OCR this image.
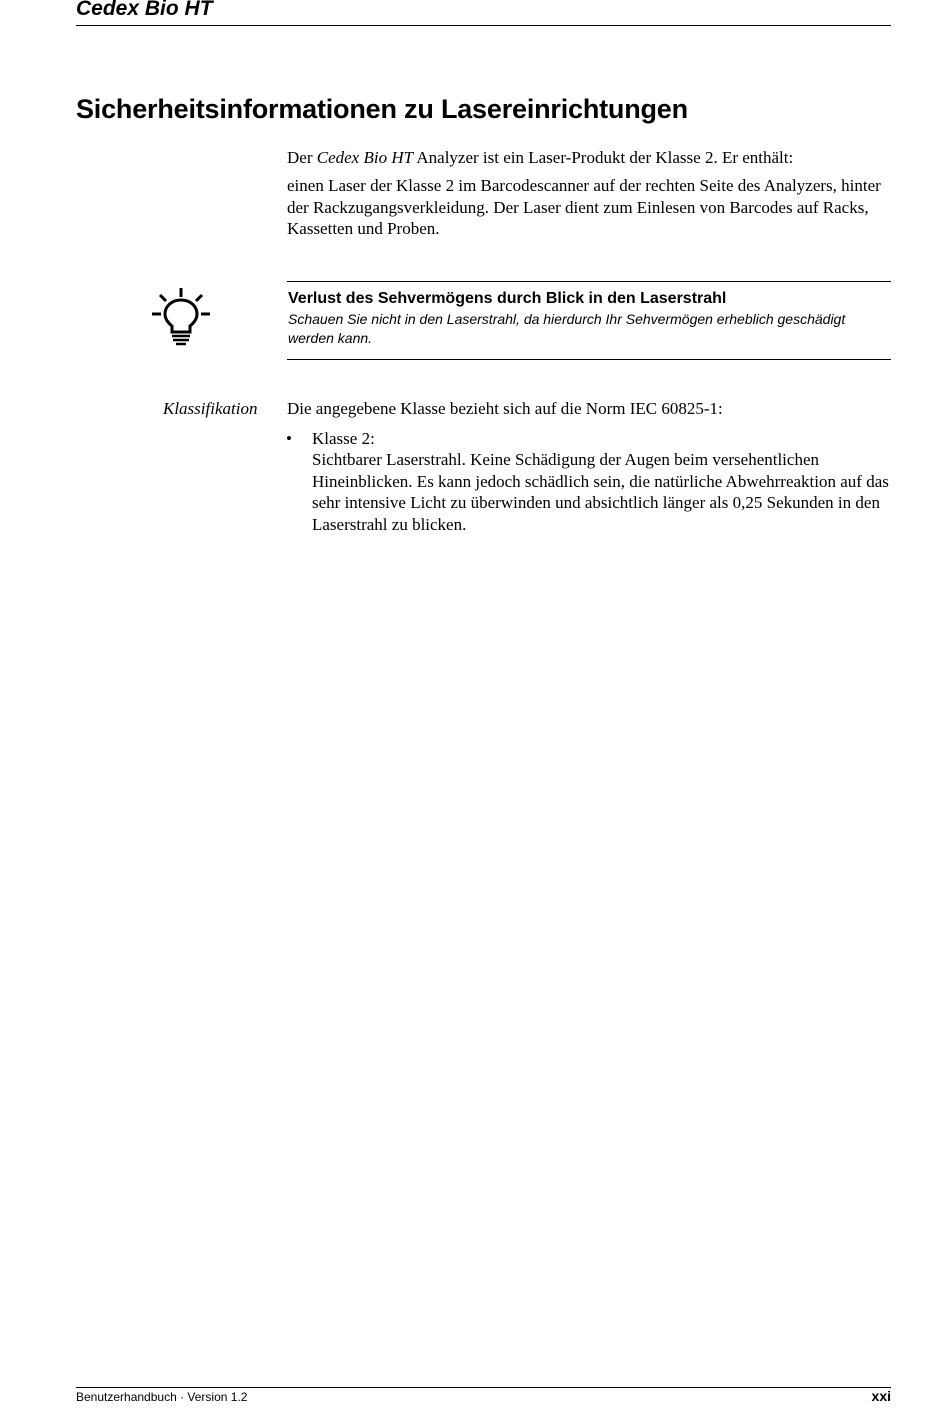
Cedex Bio HT

Sicherheitsinformationen zu Lasereinrichtungen

Der Cedex Bio HT Analyzer ist ein Laser-Produkt der Klasse 2. Er enthält:

einen Laser der Klasse 2 im Barcodescanner auf der rechten Seite des Analyzers, hinter der Rackzugangsverkleidung. Der Laser dient zum Einlesen von Barcodes auf Racks, Kassetten und Proben.

Verlust des Sehvermögens durch Blick in den Laserstrahl

Schauen Sie nicht in den Laserstrahl, da hierdurch Ihr Sehvermögen erheblich geschädigt werden kann.

Klassifikation Die angegebene Klasse bezieht sich auf die Norm IEC 60825-1:

• Klasse 2:

Sichtbarer Laserstrahl. Keine Schädigung der Augen beim versehentlichen Hineinblicken. Es kann jedoch schädlich sein, die natürliche Abwehrreaktion auf das sehr intensive Licht zu überwinden und absichtlich länger als 0,25 Sekunden in den Laserstrahl zu blicken.

Benutzerhandbuch · Version 1.2	xxi
